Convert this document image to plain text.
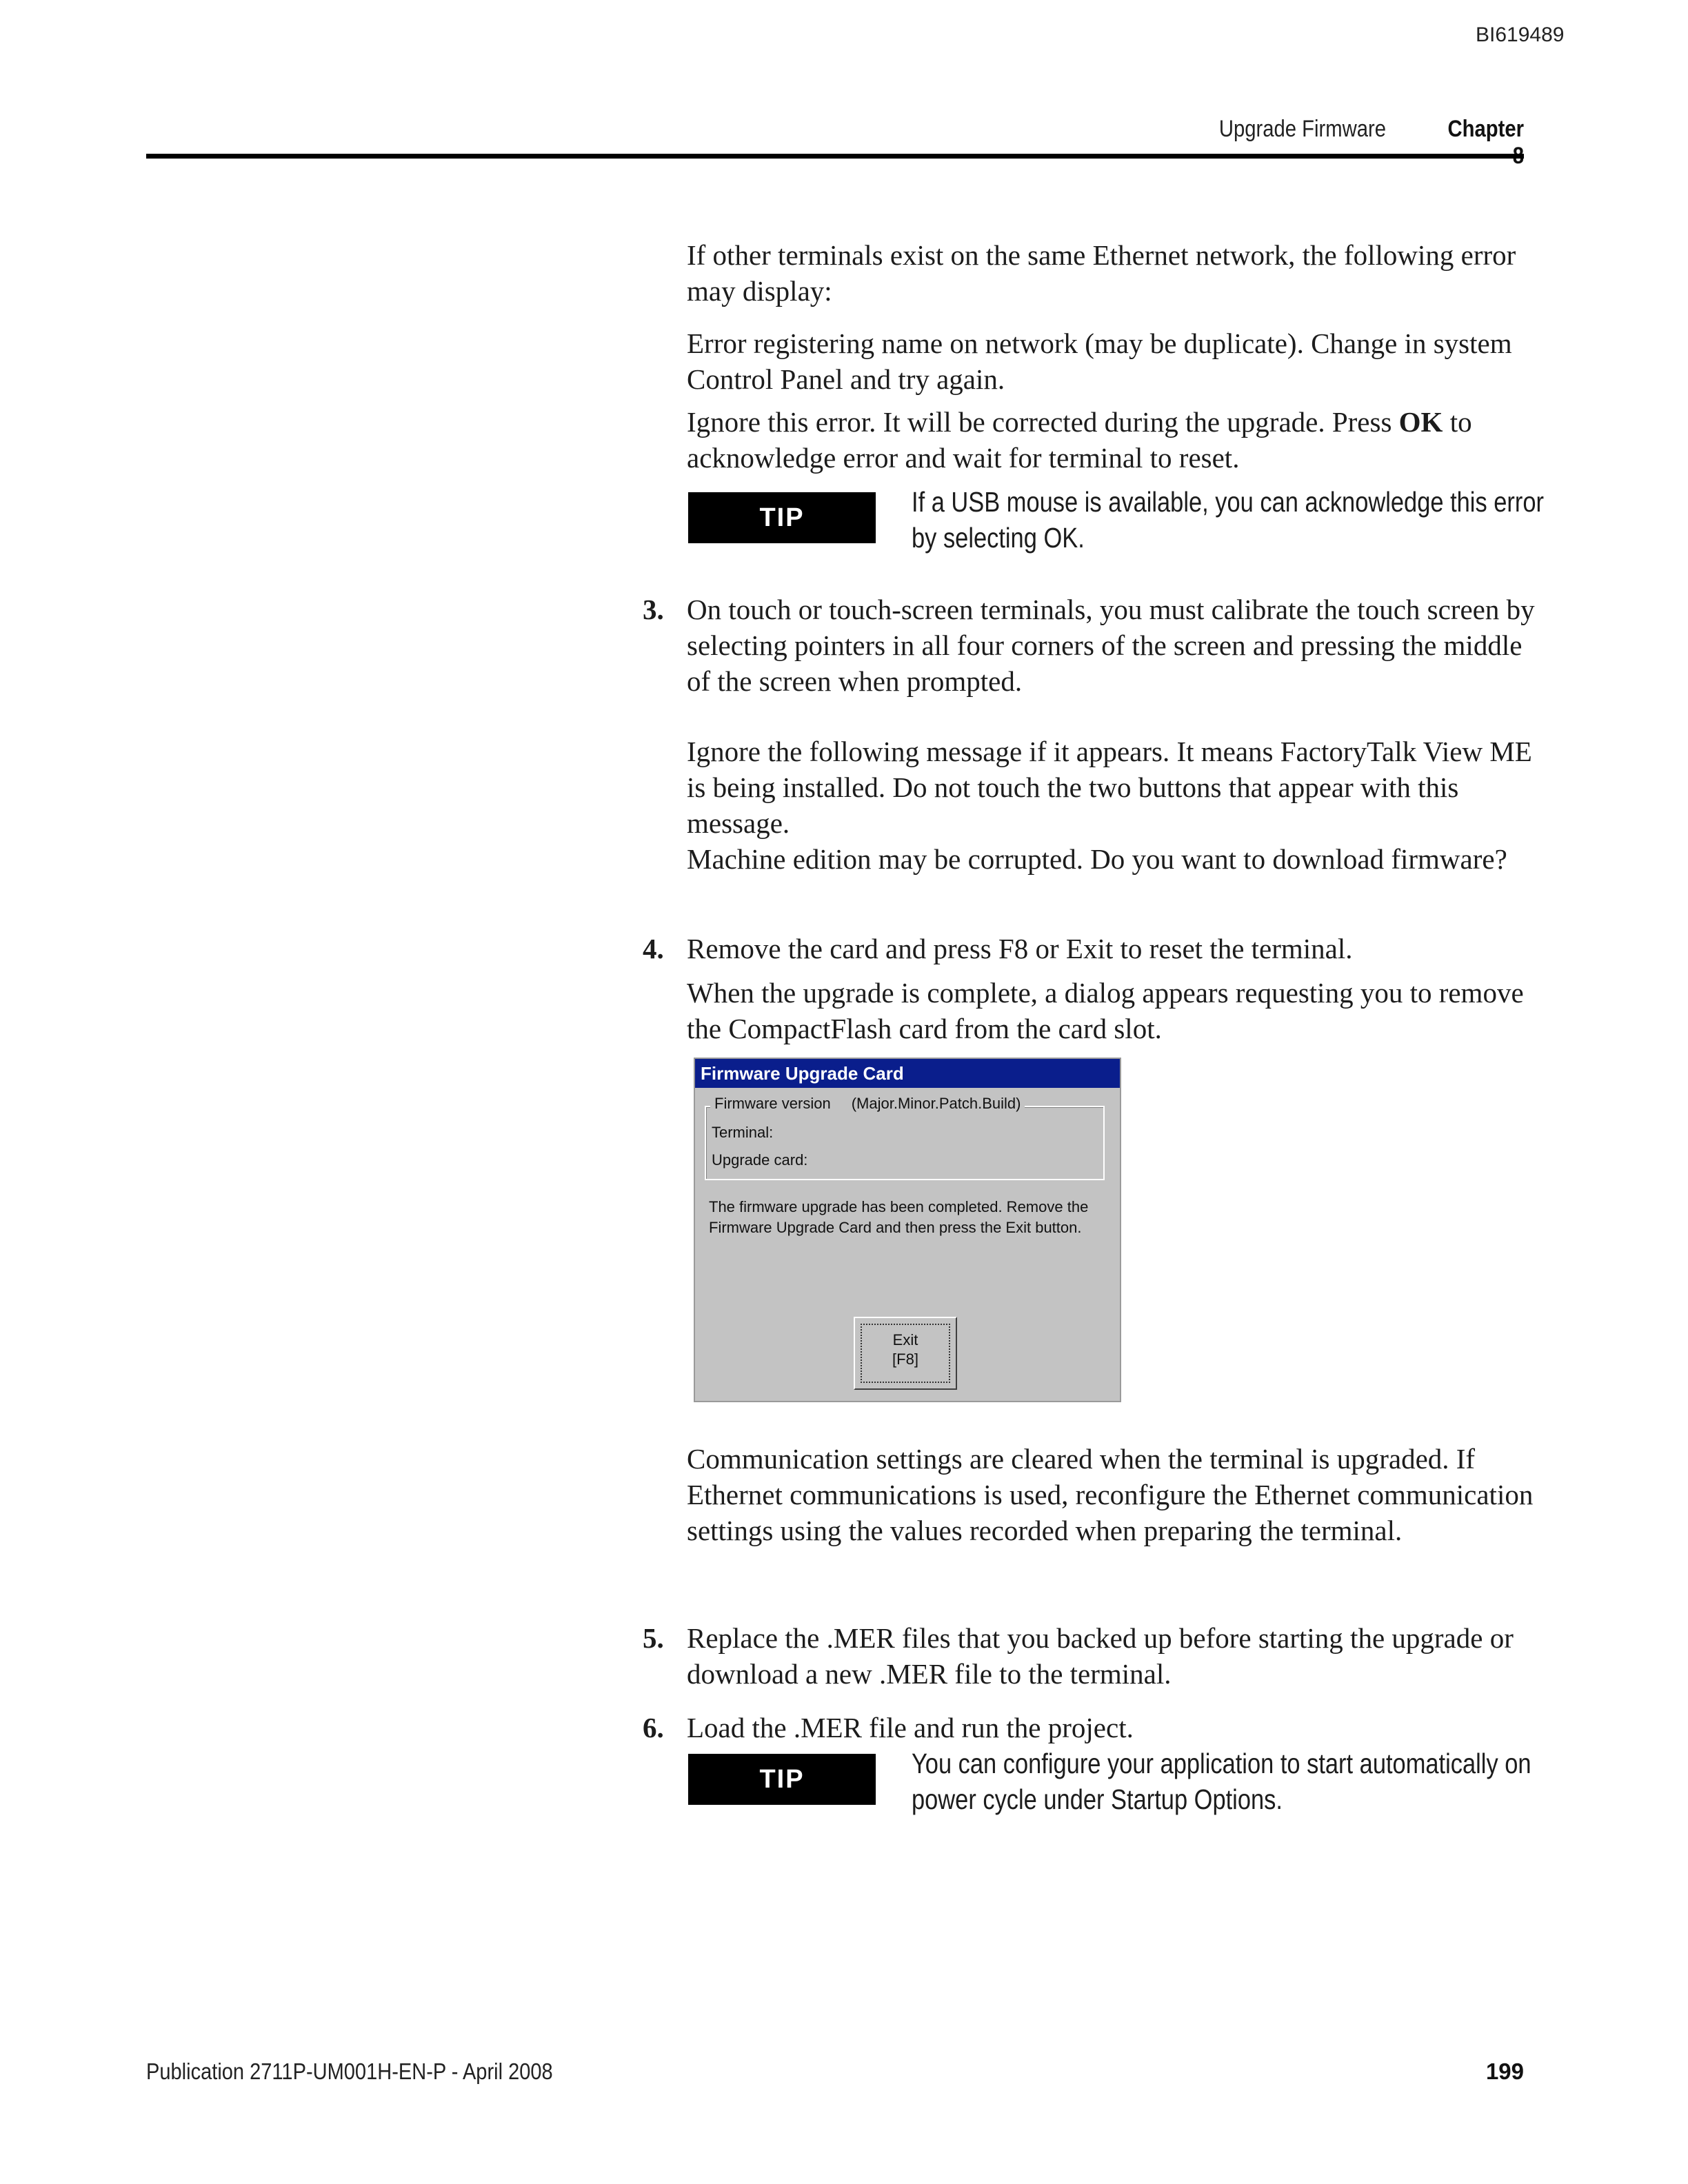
BI619489
Upgrade Firmware	Chapter
If other terminals exist on the same Ethernet network, the following error may display:
Error registering name on network (may be duplicate). Change in system Control Panel and try again.
Ignore this error. It will be corrected during the upgrade. Press OK to acknowledge error and wait for terminal to reset.
TIP	If a USB mouse is available, you can acknowledge this error by selecting OK.
3. On touch or touch-screen terminals, you must calibrate the touch screen by selecting pointers in all four corners of the screen and pressing the middle of the screen when prompted.
Ignore the following message if it appears. It means FactoryTalk View ME is being installed. Do not touch the two buttons that appear with this message.
Machine edition may be corrupted. Do you want to download firmware?
4. Remove the card and press F8 or Exit to reset the terminal.
When the upgrade is complete, a dialog appears requesting you to remove the CompactFlash card from the card slot.
Firmware Upgrade Card
Firmware version (Major.Minor.Patch.Build)
Terminal:
Upgrade card:
The firmware upgrade has been completed. Remove the Firmware Upgrade Card and then press the Exit button.
Exit
[F8]
Communication settings are cleared when the terminal is upgraded. If Ethernet communications is used, reconfigure the Ethernet communication settings using the values recorded when preparing the terminal.
5. Replace the .MER files that you backed up before starting the upgrade or download a new .MER file to the terminal.
6. Load the .MER file and run the project.
TIP	You can configure your application to start automatically on power cycle under Startup Options.
Publication 2711P-UM001H-EN-P - April 2008	199
